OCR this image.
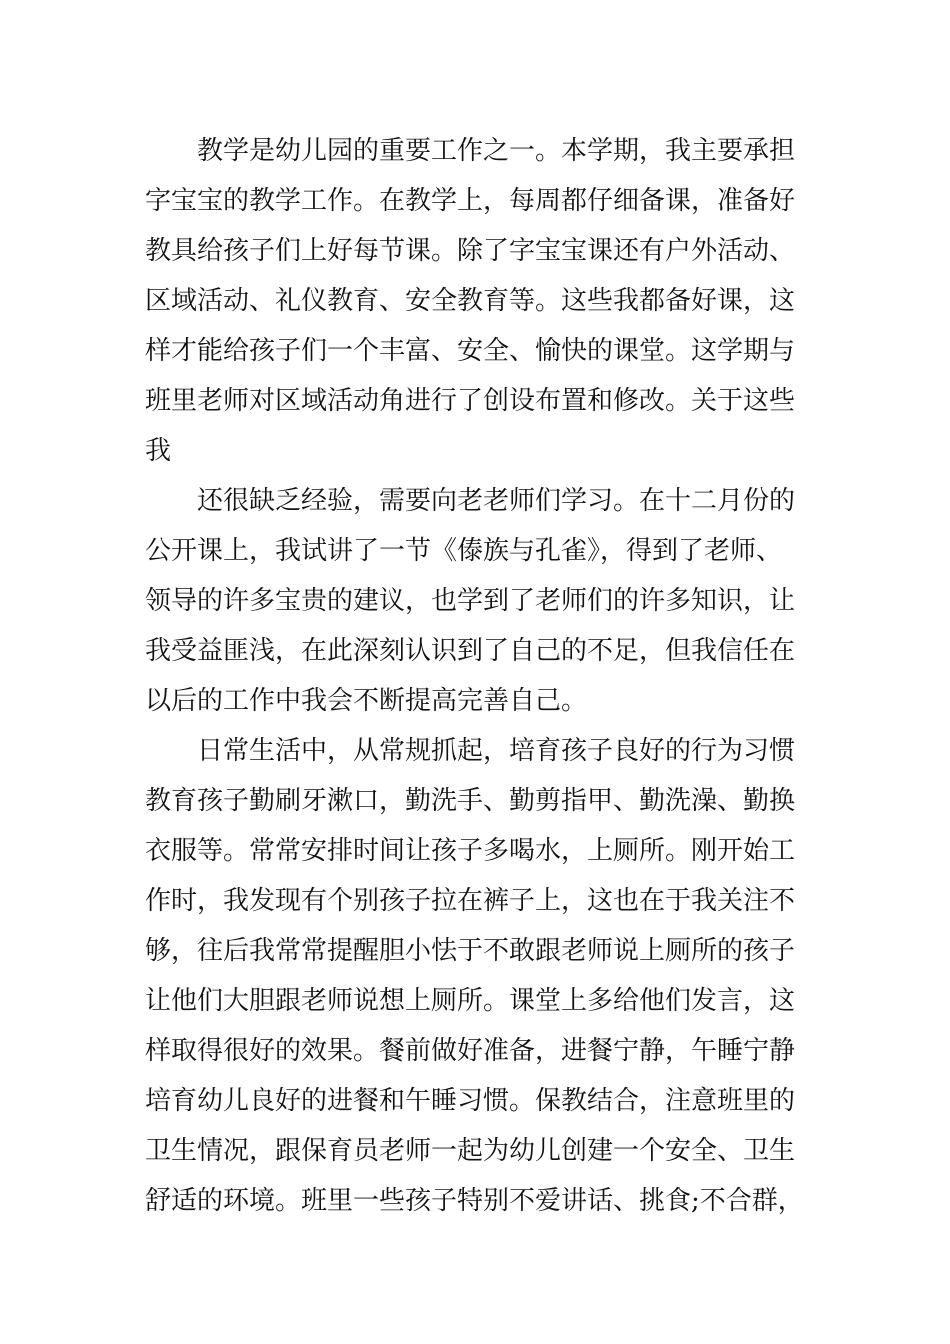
教学是幼儿园的重要工作之一。本学期，我主要承担
字宝宝的教学工作。在教学上，每周都仔细备课，准备好
教具给孩子们上好每节课。除了字宝宝课还有户外活动、
区域活动、礼仪教育、安全教育等。这些我都备好课，这
样才能给孩子们一个丰富、安全、愉快的课堂。这学期与
班里老师对区域活动角进行了创设布置和修改。关于这些
我
还很缺乏经验，需要向老老师们学习。在十二月份的
公开课上，我试讲了一节《傣族与孔雀》，得到了老师、
领导的许多宝贵的建议，也学到了老师们的许多知识，让
我受益匪浅，在此深刻认识到了自己的不足，但我信任在
以后的工作中我会不断提高完善自己。
日常生活中，从常规抓起，培育孩子良好的行为习惯
教育孩子勤刷牙漱口，勤洗手、勤剪指甲、勤洗澡、勤换
衣服等。常常安排时间让孩子多喝水，上厕所。刚开始工
作时，我发现有个别孩子拉在裤子上，这也在于我关注不
够，往后我常常提醒胆小怯于不敢跟老师说上厕所的孩子
让他们大胆跟老师说想上厕所。课堂上多给他们发言，这
样取得很好的效果。餐前做好准备，进餐宁静，午睡宁静
培育幼儿良好的进餐和午睡习惯。保教结合，注意班里的
卫生情况，跟保育员老师一起为幼儿创建一个安全、卫生
舒适的环境。班里一些孩子特别不爱讲话、挑食;不合群，
